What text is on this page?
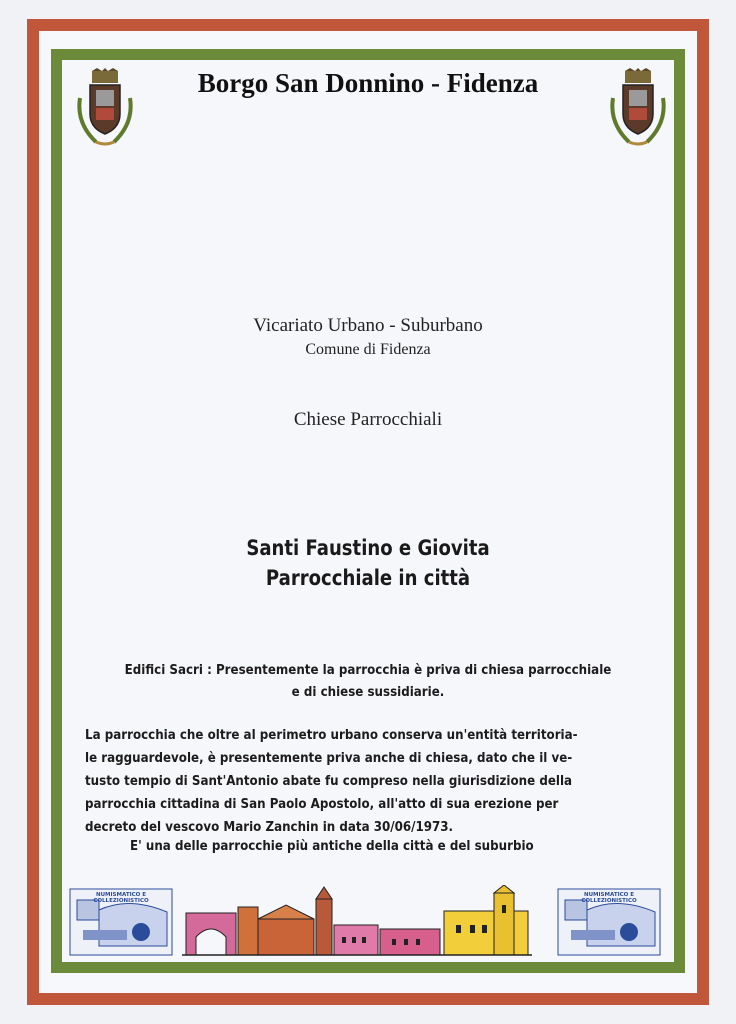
Borgo San Donnino - Fidenza
Vicariato Urbano - Suburbano
Comune di Fidenza
Chiese Parrocchiali
Santi Faustino e Giovita
Parrocchiale in città
Edifici Sacri : Presentemente la parrocchia è priva di chiesa parrocchiale
e di chiese sussidiarie.
La parrocchia che oltre al perimetro urbano conserva un'entità territoria-
le ragguardevole, è presentemente priva anche di chiesa, dato che il ve-
tusto tempio di Sant'Antonio abate fu compreso nella giurisdizione della
parrocchia cittadina di San Paolo Apostolo, all'atto di sua erezione per
decreto del vescovo Mario Zanchin in data 30/06/1973.
E' una delle parrocchie più antiche della città e del suburbio
NUMISMATICO E COLLEZIONISTICO
NUMISMATICO E COLLEZIONISTICO
